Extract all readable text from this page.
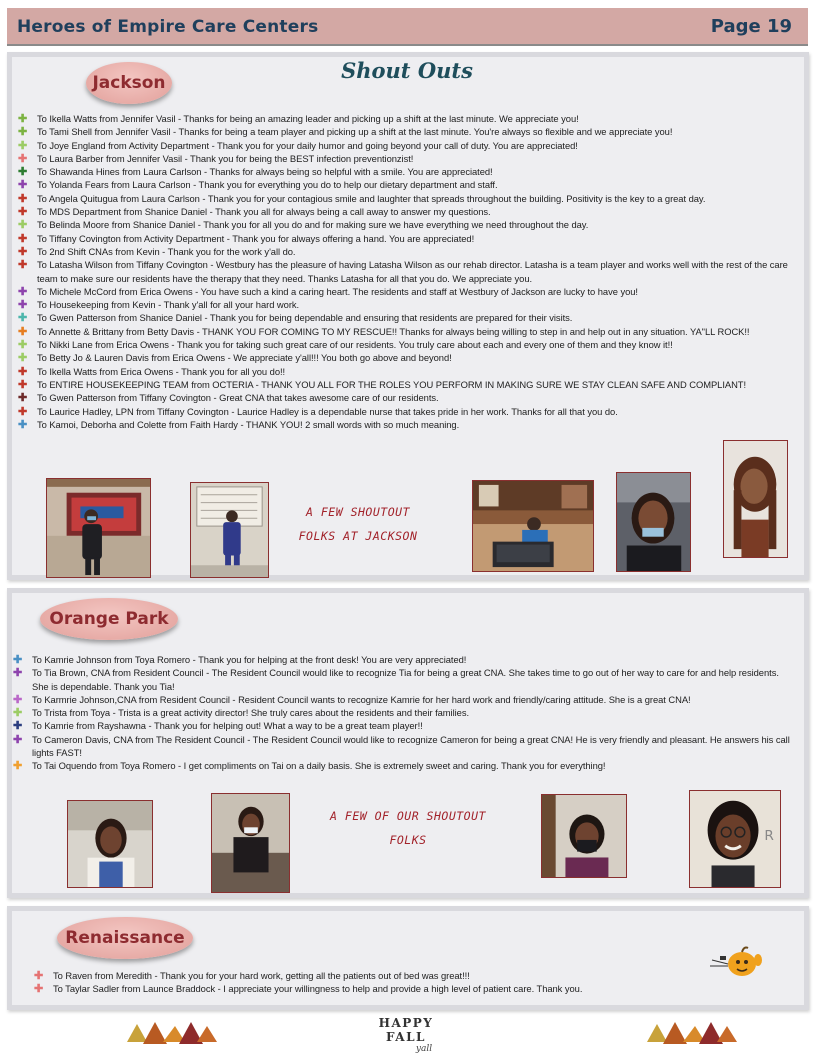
Heroes of Empire Care Centers	Page 19
Jackson	Shout Outs
✚ To Ikella Watts from Jennifer Vasil - Thanks for being an amazing leader and picking up a shift at the last minute. We appreciate you!
✚ To Tami Shell from Jennifer Vasil - Thanks for being a team player and picking up a shift at the last minute. You're always so flexible and we appreciate you!
✚ To Joye England from Activity Department - Thank you for your daily humor and going beyond your call of duty. You are appreciated!
✚ To Laura Barber from Jennifer Vasil - Thank you for being the BEST infection preventionzist!
✚ To Shawanda Hines from Laura Carlson - Thanks for always being so helpful with a smile. You are appreciated!
✚ To Yolanda Fears from Laura Carlson - Thank you for everything you do to help our dietary department and staff.
✚ To Angela Quitugua from Laura Carlson - Thank you for your contagious smile and laughter that spreads throughout the building. Positivity is the key to a great day.
✚ To MDS Department from Shanice Daniel - Thank you all for always being a call away to answer my questions.
✚ To Belinda Moore from Shanice Daniel - Thank you for all you do and for making sure we have everything we need throughout the day.
✚ To Tiffany Covington from Activity Department - Thank you for always offering a hand. You are appreciated!
✚ To 2nd Shift CNAs from Kevin - Thank you for the work y'all do.
✚ To Latasha Wilson from Tiffany Covington - Westbury has the pleasure of having Latasha Wilson as our rehab director. Latasha is a team player and works well with the rest of the care team to make sure our residents have the therapy that they need. Thanks Latasha for all that you do. We appreciate you.
✚ To Michele McCord from Erica Owens - You have such a kind a caring heart. The residents and staff at Westbury of Jackson are lucky to have you!
✚ To Housekeeping from Kevin - Thank y'all for all your hard work.
✚ To Gwen Patterson from Shanice Daniel - Thank you for being dependable and ensuring that residents are prepared for their visits.
✚ To Annette & Brittany from Betty Davis - THANK YOU FOR COMING TO MY RESCUE!! Thanks for always being willing to step in and help out in any situation. YA"LL ROCK!!
✚ To Nikki Lane from Erica Owens - Thank you for taking such great care of our residents. You truly care about each and every one of them and they know it!!
✚ To Betty Jo & Lauren Davis from Erica Owens - We appreciate y'all!!! You both go above and beyond!
✚ To Ikella Watts from Erica Owens - Thank you for all you do!!
✚ To ENTIRE HOUSEKEEPING TEAM from OCTERIA - THANK YOU ALL FOR THE ROLES YOU PERFORM IN MAKING SURE WE STAY CLEAN SAFE AND COMPLIANT!
✚ To Gwen Patterson from Tiffany Covington - Great CNA that takes awesome care of our residents.
✚ To Laurice Hadley, LPN from Tiffany Covington - Laurice Hadley is a dependable nurse that takes pride in her work. Thanks for all that you do.
✚ To Kamoi, Deborha and Colette from Faith Hardy - THANK YOU! 2 small words with so much meaning.
A FEW SHOUTOUT FOLKS AT JACKSON
Orange Park
✚ To Kamrie Johnson from Toya Romero - Thank you for helping at the front desk! You are very appreciated!
✚ To Tia Brown, CNA from Resident Council - The Resident Council would like to recognize Tia for being a great CNA. She takes time to go out of her way to care for and help residents. She is dependable. Thank you Tia!
✚ To Karmrie Johnson,CNA from Resident Council - Resident Council wants to recognize Kamrie for her hard work and friendly/caring attitude. She is a great CNA!
✚ To Trista from Toya - Trista is a great activity director! She truly cares about the residents and their families.
✚ To Kamrie from Rayshawna - Thank you for helping out! What a way to be a great team player!!
✚ To Cameron Davis, CNA from The Resident Council - The Resident Council would like to recognize Cameron for being a great CNA! He is very friendly and pleasant. He answers his call lights FAST!
✚ To Tai Oquendo from Toya Romero - I get compliments on Tai on a daily basis. She is extremely sweet and caring. Thank you for everything!
A FEW OF OUR SHOUTOUT FOLKS	R
Renaissance
✚ To Raven from Meredith - Thank you for your hard work, getting all the patients out of bed was great!!!
✚ To Taylar Sadler from Launce Braddock - I appreciate your willingness to help and provide a high level of patient care. Thank you.
HAPPY FALL
yall
